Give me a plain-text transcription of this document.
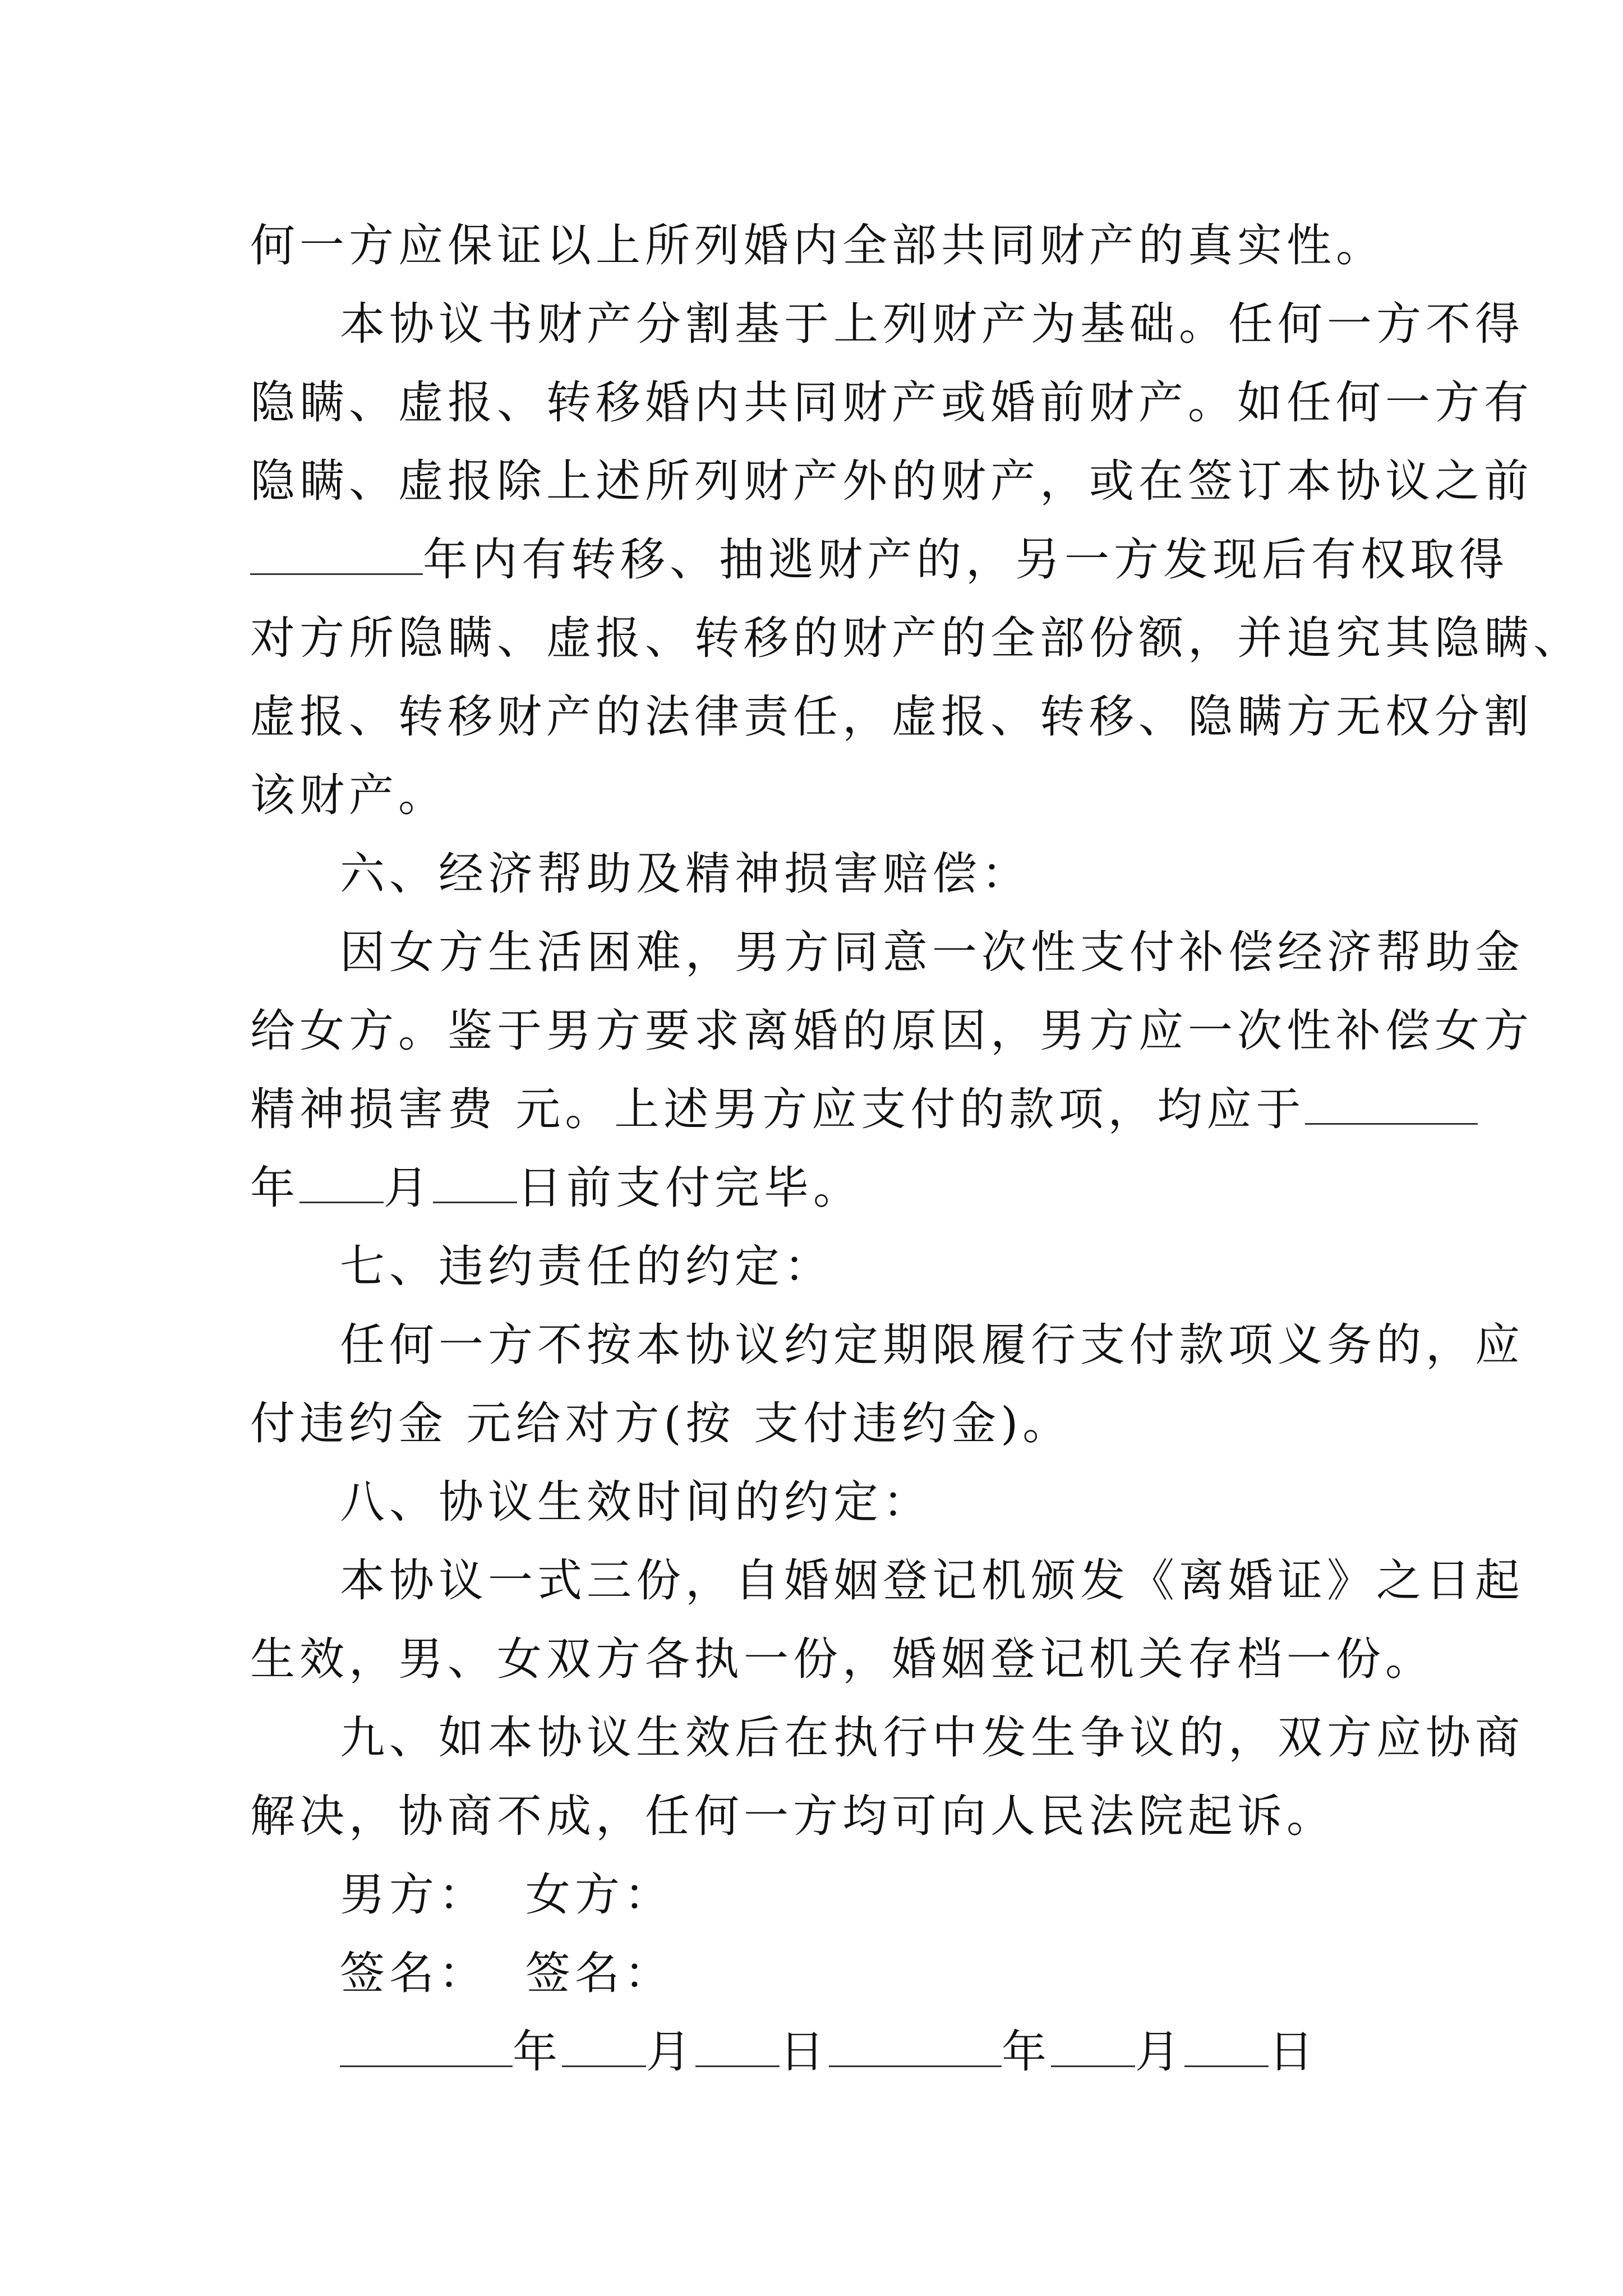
何一方应保证以上所列婚内全部共同财产的真实性。
本协议书财产分割基于上列财产为基础。任何一方不得
隐瞒、虚报、转移婚内共同财产或婚前财产。如任何一方有
隐瞒、虚报除上述所列财产外的财产，或在签订本协议之前
年内有转移、抽逃财产的，另一方发现后有权取得
对方所隐瞒、虚报、转移的财产的全部份额，并追究其隐瞒、
虚报、转移财产的法律责任，虚报、转移、隐瞒方无权分割
该财产。
六、经济帮助及精神损害赔偿：
因女方生活困难，男方同意一次性支付补偿经济帮助金
给女方。鉴于男方要求离婚的原因，男方应一次性补偿女方
精神损害费 元。上述男方应支付的款项，均应于
年 月 日前支付完毕。
七、违约责任的约定：
任何一方不按本协议约定期限履行支付款项义务的，应
付违约金 元给对方(按 支付违约金)。
八、协议生效时间的约定：
本协议一式三份，自婚姻登记机颁发《离婚证》之日起
生效，男、女双方各执一份，婚姻登记机关存档一份。
九、如本协议生效后在执行中发生争议的，双方应协商
解决，协商不成，任何一方均可向人民法院起诉。
男方：  女方：
签名：  签名：
年 月 日	年 月 日
